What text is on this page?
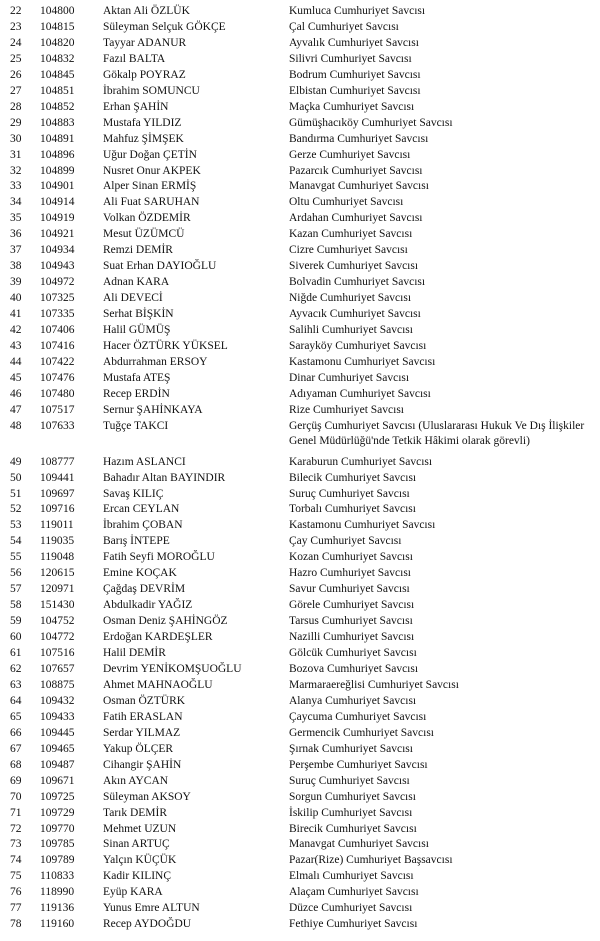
22	104800	Aktan Ali ÖZLÜK	Kumluca Cumhuriyet Savcısı
23	104815	Süleyman Selçuk GÖKÇE	Çal Cumhuriyet Savcısı
24	104820	Tayyar ADANUR	Ayvalık Cumhuriyet Savcısı
25	104832	Fazıl BALTA	Silivri Cumhuriyet Savcısı
26	104845	Gökalp POYRAZ	Bodrum Cumhuriyet Savcısı
27	104851	İbrahim SOMUNCU	Elbistan Cumhuriyet Savcısı
28	104852	Erhan ŞAHİN	Maçka Cumhuriyet Savcısı
29	104883	Mustafa YILDIZ	Gümüşhacıköy Cumhuriyet Savcısı
30	104891	Mahfuz ŞİMŞEK	Bandırma Cumhuriyet Savcısı
31	104896	Uğur Doğan ÇETİN	Gerze Cumhuriyet Savcısı
32	104899	Nusret Onur AKPEK	Pazarcık Cumhuriyet Savcısı
33	104901	Alper Sinan ERMİŞ	Manavgat Cumhuriyet Savcısı
34	104914	Ali Fuat SARUHAN	Oltu Cumhuriyet Savcısı
35	104919	Volkan ÖZDEMİR	Ardahan Cumhuriyet Savcısı
36	104921	Mesut ÜZÜMCÜ	Kazan Cumhuriyet Savcısı
37	104934	Remzi DEMİR	Cizre Cumhuriyet Savcısı
38	104943	Suat Erhan DAYIOĞLU	Siverek Cumhuriyet Savcısı
39	104972	Adnan KARA	Bolvadin Cumhuriyet Savcısı
40	107325	Ali DEVECİ	Niğde Cumhuriyet Savcısı
41	107335	Serhat BİŞKİN	Ayvacık Cumhuriyet Savcısı
42	107406	Halil GÜMÜŞ	Salihli Cumhuriyet Savcısı
43	107416	Hacer ÖZTÜRK YÜKSEL	Sarayköy Cumhuriyet Savcısı
44	107422	Abdurrahman ERSOY	Kastamonu Cumhuriyet Savcısı
45	107476	Mustafa ATEŞ	Dinar Cumhuriyet Savcısı
46	107480	Recep ERDİN	Adıyaman Cumhuriyet Savcısı
47	107517	Sernur ŞAHİNKAYA	Rize Cumhuriyet Savcısı
48	107633	Tuğçe TAKCI	Gerçüş Cumhuriyet Savcısı (Uluslararası Hukuk Ve Dış İlişkiler Genel Müdürlüğü'nde Tetkik Hâkimi olarak görevli)
49	108777	Hazım ASLANCI	Karaburun Cumhuriyet Savcısı
50	109441	Bahadır Altan BAYINDIR	Bilecik Cumhuriyet Savcısı
51	109697	Savaş KILIÇ	Suruç Cumhuriyet Savcısı
52	109716	Ercan CEYLAN	Torbalı Cumhuriyet Savcısı
53	119011	İbrahim ÇOBAN	Kastamonu Cumhuriyet Savcısı
54	119035	Barış İNTEPE	Çay Cumhuriyet Savcısı
55	119048	Fatih Seyfi MOROĞLU	Kozan Cumhuriyet Savcısı
56	120615	Emine KOÇAK	Hazro Cumhuriyet Savcısı
57	120971	Çağdaş DEVRİM	Savur Cumhuriyet Savcısı
58	151430	Abdulkadir YAĞIZ	Görele Cumhuriyet Savcısı
59	104752	Osman Deniz ŞAHİNGÖZ	Tarsus Cumhuriyet Savcısı
60	104772	Erdoğan KARDEŞLER	Nazilli Cumhuriyet Savcısı
61	107516	Halil DEMİR	Gölcük Cumhuriyet Savcısı
62	107657	Devrim YENİKOMŞUOĞLU	Bozova Cumhuriyet Savcısı
63	108875	Ahmet MAHNAOĞLU	Marmaraereğlisi Cumhuriyet Savcısı
64	109432	Osman ÖZTÜRK	Alanya Cumhuriyet Savcısı
65	109433	Fatih ERASLAN	Çaycuma Cumhuriyet Savcısı
66	109445	Serdar YILMAZ	Germencik Cumhuriyet Savcısı
67	109465	Yakup ÖLÇER	Şırnak Cumhuriyet Savcısı
68	109487	Cihangir ŞAHİN	Perşembe Cumhuriyet Savcısı
69	109671	Akın AYCAN	Suruç Cumhuriyet Savcısı
70	109725	Süleyman AKSOY	Sorgun Cumhuriyet Savcısı
71	109729	Tarık DEMİR	İskilip Cumhuriyet Savcısı
72	109770	Mehmet UZUN	Birecik Cumhuriyet Savcısı
73	109785	Sinan ARTUÇ	Manavgat Cumhuriyet Savcısı
74	109789	Yalçın KÜÇÜK	Pazar(Rize) Cumhuriyet Başsavcısı
75	110833	Kadir KILINÇ	Elmalı Cumhuriyet Savcısı
76	118990	Eyüp KARA	Alaçam Cumhuriyet Savcısı
77	119136	Yunus Emre ALTUN	Düzce Cumhuriyet Savcısı
78	119160	Recep AYDOĞDU	Fethiye Cumhuriyet Savcısı
